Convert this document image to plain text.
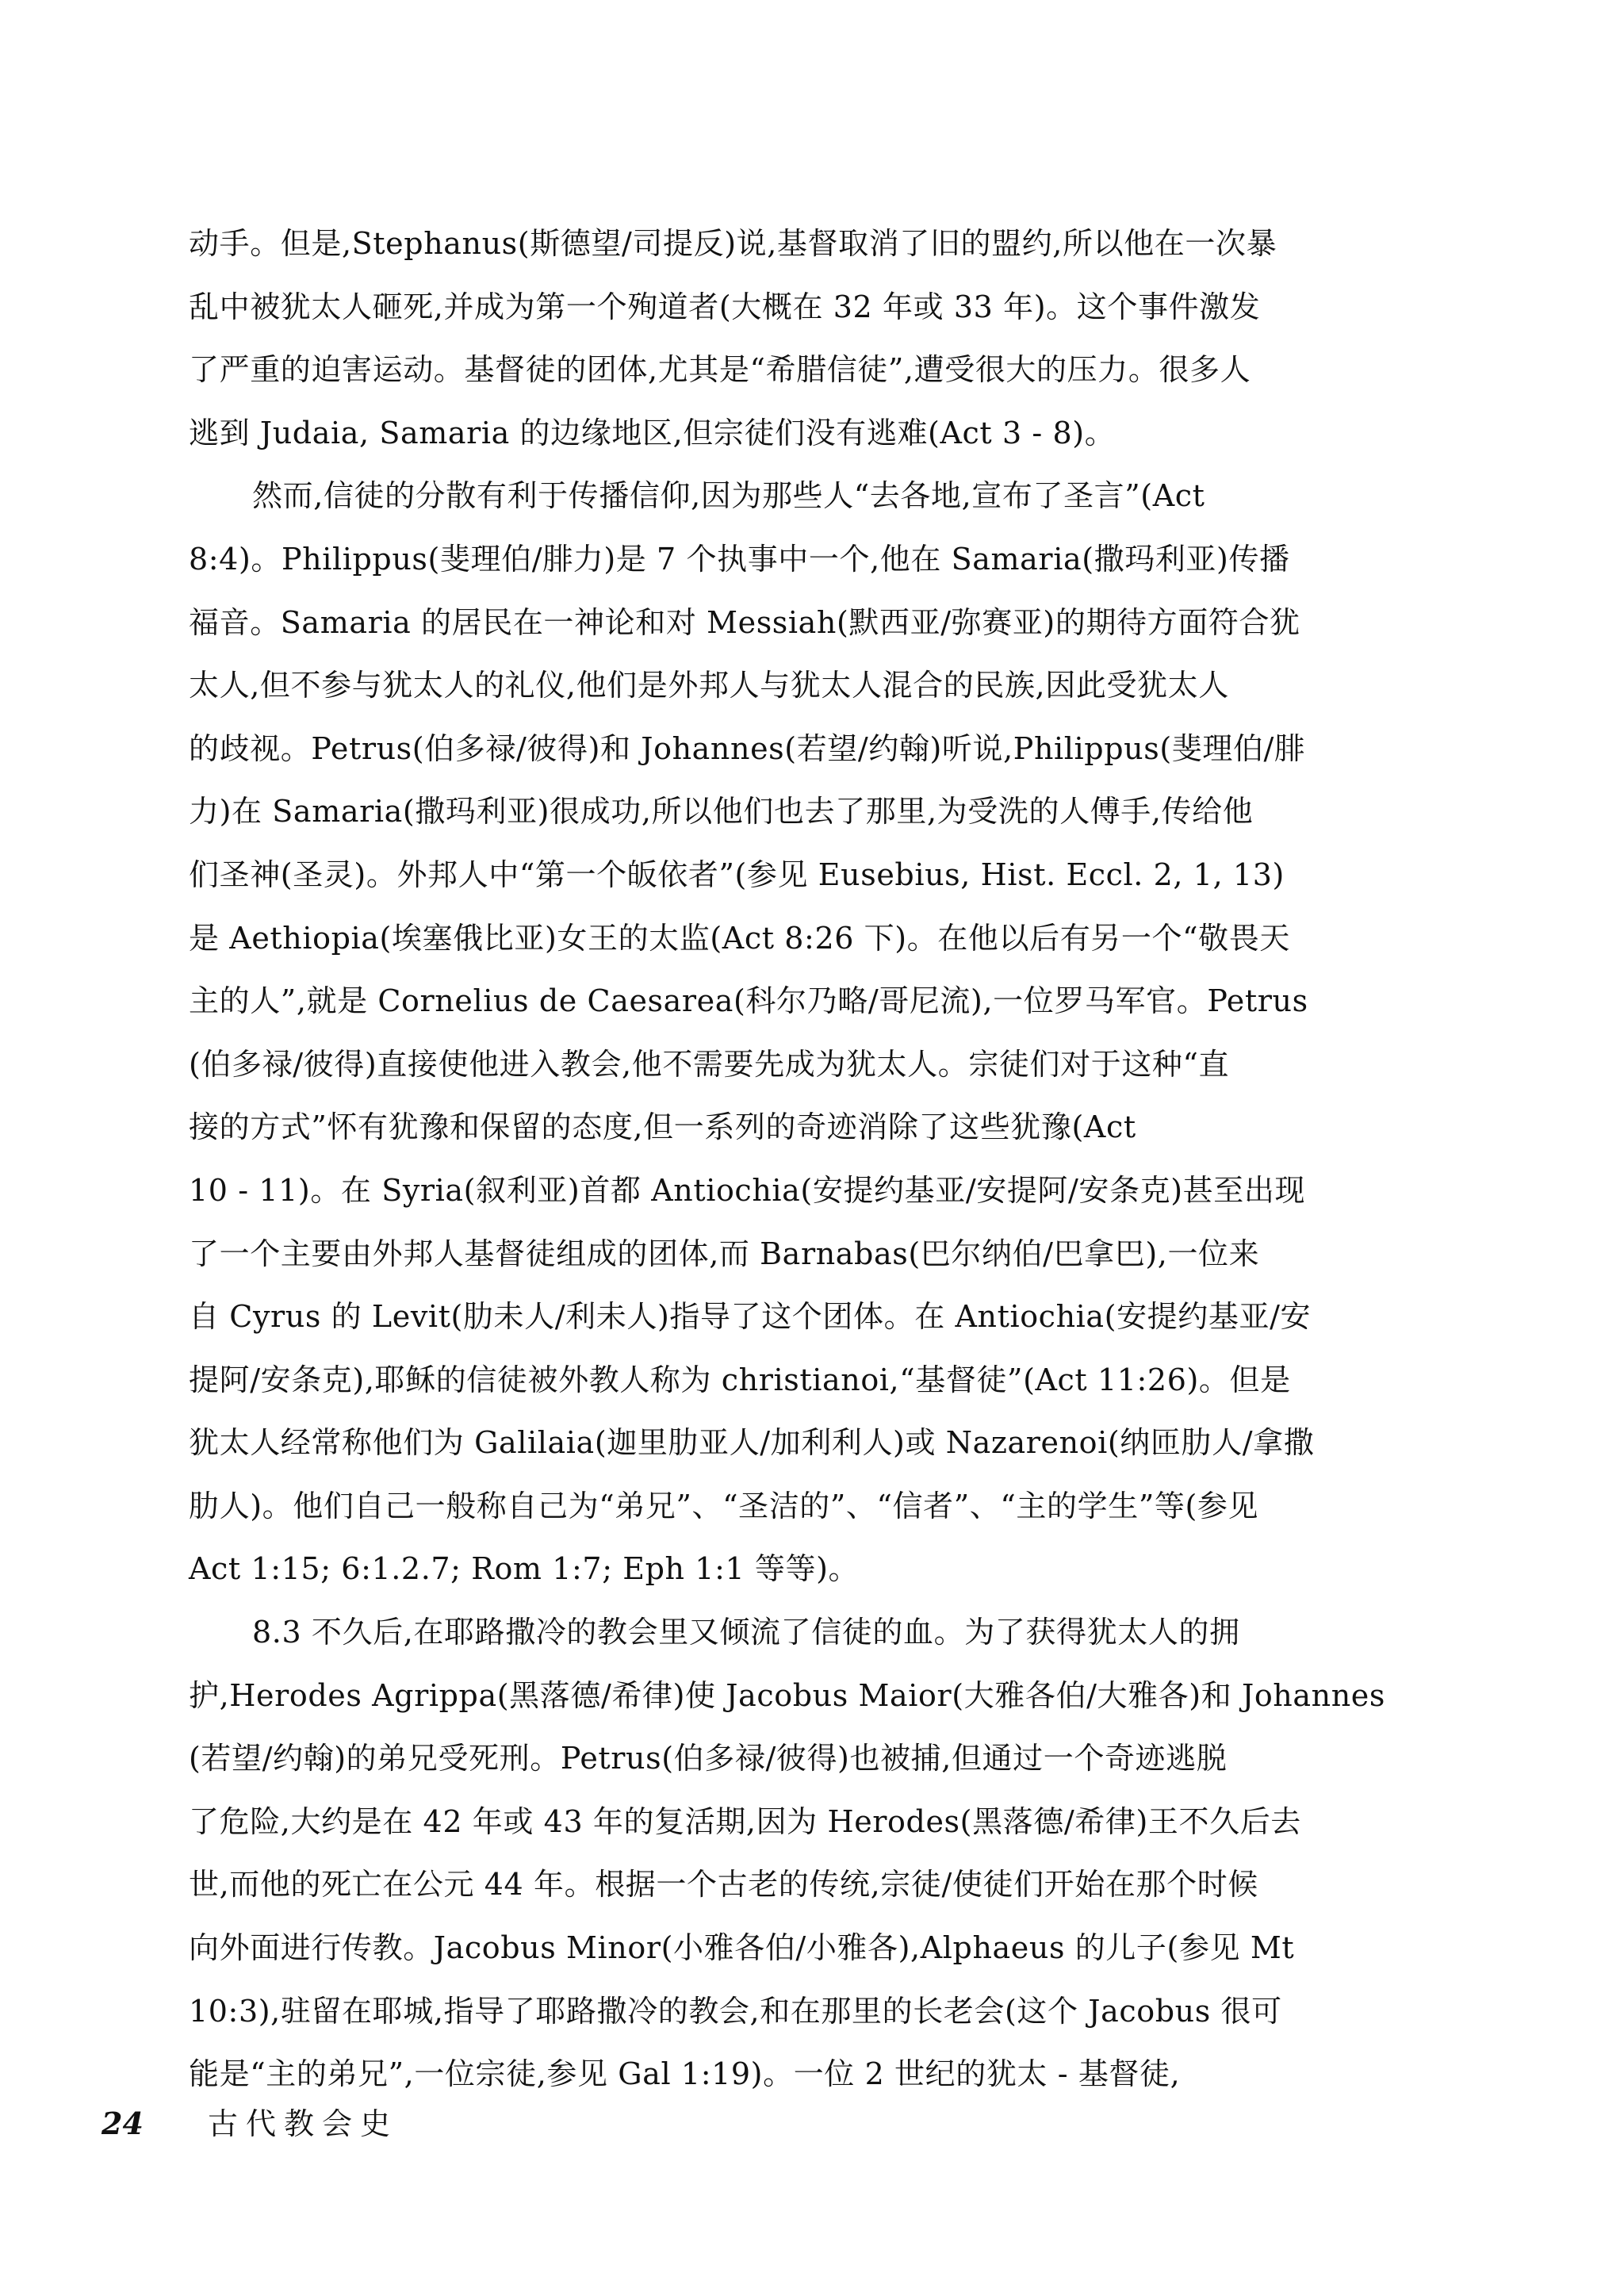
动手。但是,Stephanus(斯德望/司提反)说,基督取消了旧的盟约,所以他在一次暴
乱中被犹太人砸死,并成为第一个殉道者(大概在 32 年或 33 年)。这个事件激发
了严重的迫害运动。基督徒的团体,尤其是“希腊信徒”,遭受很大的压力。很多人
逃到 Judaia, Samaria 的边缘地区,但宗徒们没有逃难(Act 3 - 8)。
然而,信徒的分散有利于传播信仰,因为那些人“去各地,宣布了圣言”(Act
8:4)。Philippus(斐理伯/腓力)是 7 个执事中一个,他在 Samaria(撒玛利亚)传播
福音。Samaria 的居民在一神论和对 Messiah(默西亚/弥赛亚)的期待方面符合犹
太人,但不参与犹太人的礼仪,他们是外邦人与犹太人混合的民族,因此受犹太人
的歧视。Petrus(伯多禄/彼得)和 Johannes(若望/约翰)听说,Philippus(斐理伯/腓
力)在 Samaria(撒玛利亚)很成功,所以他们也去了那里,为受洗的人傅手,传给他
们圣神(圣灵)。外邦人中“第一个皈依者”(参见 Eusebius, Hist. Eccl. 2, 1, 13)
是 Aethiopia(埃塞俄比亚)女王的太监(Act 8:26 下)。在他以后有另一个“敬畏天
主的人”,就是 Cornelius de Caesarea(科尔乃略/哥尼流),一位罗马军官。Petrus
(伯多禄/彼得)直接使他进入教会,他不需要先成为犹太人。宗徒们对于这种“直
接的方式”怀有犹豫和保留的态度,但一系列的奇迹消除了这些犹豫(Act
10 - 11)。在 Syria(叙利亚)首都 Antiochia(安提约基亚/安提阿/安条克)甚至出现
了一个主要由外邦人基督徒组成的团体,而 Barnabas(巴尔纳伯/巴拿巴),一位来
自 Cyrus 的 Levit(肋未人/利未人)指导了这个团体。在 Antiochia(安提约基亚/安
提阿/安条克),耶稣的信徒被外教人称为 christianoi,“基督徒”(Act 11:26)。但是
犹太人经常称他们为 Galilaia(迦里肋亚人/加利利人)或 Nazarenoi(纳匝肋人/拿撒
肋人)。他们自己一般称自己为“弟兄”、“圣洁的”、“信者”、“主的学生”等(参见
Act 1:15; 6:1.2.7; Rom 1:7; Eph 1:1 等等)。
8.3 不久后,在耶路撒冷的教会里又倾流了信徒的血。为了获得犹太人的拥
护,Herodes Agrippa(黑落德/希律)使 Jacobus Maior(大雅各伯/大雅各)和 Johannes
(若望/约翰)的弟兄受死刑。Petrus(伯多禄/彼得)也被捕,但通过一个奇迹逃脱
了危险,大约是在 42 年或 43 年的复活期,因为 Herodes(黑落德/希律)王不久后去
世,而他的死亡在公元 44 年。根据一个古老的传统,宗徒/使徒们开始在那个时候
向外面进行传教。Jacobus Minor(小雅各伯/小雅各),Alphaeus 的儿子(参见 Mt
10:3),驻留在耶城,指导了耶路撒冷的教会,和在那里的长老会(这个 Jacobus 很可
能是“主的弟兄”,一位宗徒,参见 Gal 1:19)。一位 2 世纪的犹太 - 基督徒,
24 古代教会史
